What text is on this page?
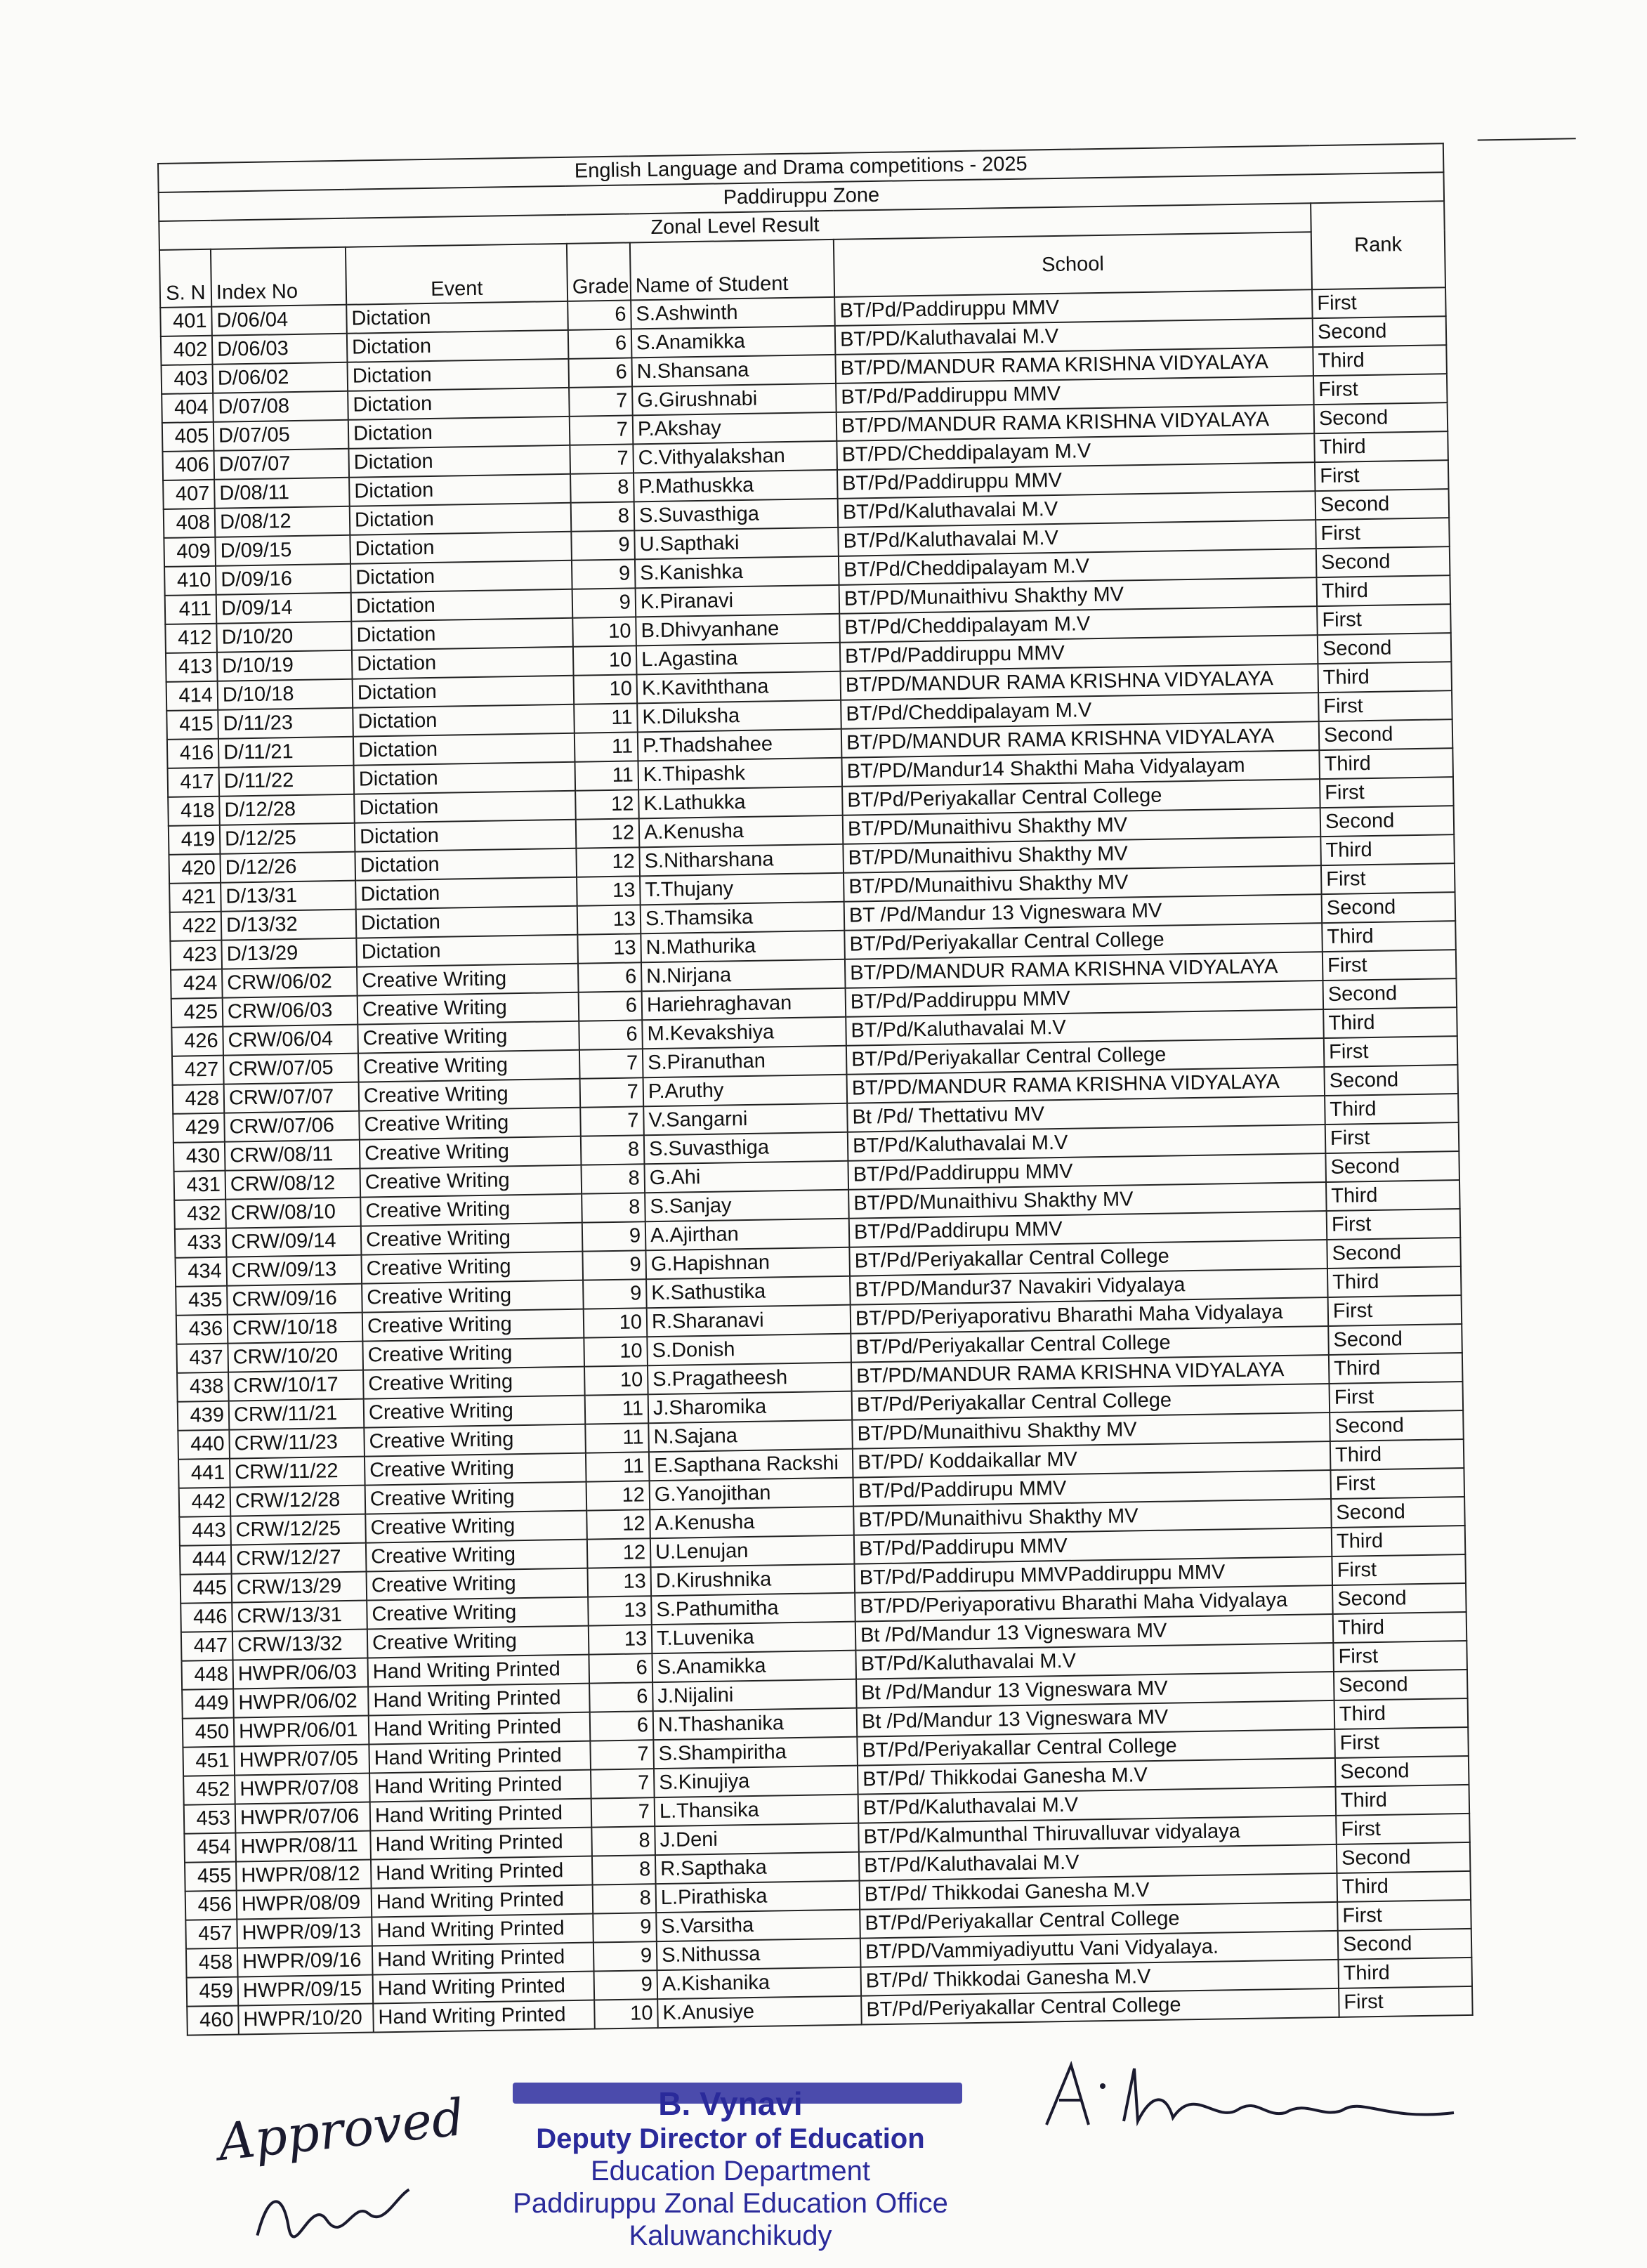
English Language and Drama competitions - 2025						
Paddiruppu Zone						
Zonal Level Result						Rank
S. N	Index No	Event	Grade	Name of Student	School	
401	D/06/04	Dictation	6	S.Ashwinth	BT/Pd/Paddiruppu MMV	First
402	D/06/03	Dictation	6	S.Anamikka	BT/PD/Kaluthavalai M.V	Second
403	D/06/02	Dictation	6	N.Shansana	BT/PD/MANDUR RAMA KRISHNA VIDYALAYA	Third
404	D/07/08	Dictation	7	G.Girushnabi	BT/Pd/Paddiruppu MMV	First
405	D/07/05	Dictation	7	P.Akshay	BT/PD/MANDUR RAMA KRISHNA VIDYALAYA	Second
406	D/07/07	Dictation	7	C.Vithyalakshan	BT/PD/Cheddipalayam M.V	Third
407	D/08/11	Dictation	8	P.Mathuskka	BT/Pd/Paddiruppu MMV	First
408	D/08/12	Dictation	8	S.Suvasthiga	BT/Pd/Kaluthavalai M.V	Second
409	D/09/15	Dictation	9	U.Sapthaki	BT/Pd/Kaluthavalai M.V	First
410	D/09/16	Dictation	9	S.Kanishka	BT/Pd/Cheddipalayam M.V	Second
411	D/09/14	Dictation	9	K.Piranavi	BT/PD/Munaithivu Shakthy MV	Third
412	D/10/20	Dictation	10	B.Dhivyanhane	BT/Pd/Cheddipalayam M.V	First
413	D/10/19	Dictation	10	L.Agastina	BT/Pd/Paddiruppu MMV	Second
414	D/10/18	Dictation	10	K.Kaviththana	BT/PD/MANDUR RAMA KRISHNA VIDYALAYA	Third
415	D/11/23	Dictation	11	K.Diluksha	BT/Pd/Cheddipalayam M.V	First
416	D/11/21	Dictation	11	P.Thadshahee	BT/PD/MANDUR RAMA KRISHNA VIDYALAYA	Second
417	D/11/22	Dictation	11	K.Thipashk	BT/PD/Mandur14 Shakthi Maha Vidyalayam	Third
418	D/12/28	Dictation	12	K.Lathukka	BT/Pd/Periyakallar Central College	First
419	D/12/25	Dictation	12	A.Kenusha	BT/PD/Munaithivu Shakthy MV	Second
420	D/12/26	Dictation	12	S.Nitharshana	BT/PD/Munaithivu Shakthy MV	Third
421	D/13/31	Dictation	13	T.Thujany	BT/PD/Munaithivu Shakthy MV	First
422	D/13/32	Dictation	13	S.Thamsika	BT /Pd/Mandur 13 Vigneswara MV	Second
423	D/13/29	Dictation	13	N.Mathurika	BT/Pd/Periyakallar Central College	Third
424	CRW/06/02	Creative Writing	6	N.Nirjana	BT/PD/MANDUR RAMA KRISHNA VIDYALAYA	First
425	CRW/06/03	Creative Writing	6	Hariehraghavan	BT/Pd/Paddiruppu MMV	Second
426	CRW/06/04	Creative Writing	6	M.Kevakshiya	BT/Pd/Kaluthavalai M.V	Third
427	CRW/07/05	Creative Writing	7	S.Piranuthan	BT/Pd/Periyakallar Central College	First
428	CRW/07/07	Creative Writing	7	P.Aruthy	BT/PD/MANDUR RAMA KRISHNA VIDYALAYA	Second
429	CRW/07/06	Creative Writing	7	V.Sangarni	Bt /Pd/ Thettativu MV	Third
430	CRW/08/11	Creative Writing	8	S.Suvasthiga	BT/Pd/Kaluthavalai M.V	First
431	CRW/08/12	Creative Writing	8	G.Ahi	BT/Pd/Paddiruppu MMV	Second
432	CRW/08/10	Creative Writing	8	S.Sanjay	BT/PD/Munaithivu Shakthy MV	Third
433	CRW/09/14	Creative Writing	9	A.Ajirthan	BT/Pd/Paddirupu MMV	First
434	CRW/09/13	Creative Writing	9	G.Hapishnan	BT/Pd/Periyakallar Central College	Second
435	CRW/09/16	Creative Writing	9	K.Sathustika	BT/PD/Mandur37 Navakiri Vidyalaya	Third
436	CRW/10/18	Creative Writing	10	R.Sharanavi	BT/PD/Periyaporativu Bharathi Maha Vidyalaya	First
437	CRW/10/20	Creative Writing	10	S.Donish	BT/Pd/Periyakallar Central College	Second
438	CRW/10/17	Creative Writing	10	S.Pragatheesh	BT/PD/MANDUR RAMA KRISHNA VIDYALAYA	Third
439	CRW/11/21	Creative Writing	11	J.Sharomika	BT/Pd/Periyakallar Central College	First
440	CRW/11/23	Creative Writing	11	N.Sajana	BT/PD/Munaithivu Shakthy MV	Second
441	CRW/11/22	Creative Writing	11	E.Sapthana Rackshi	BT/PD/ Koddaikallar MV	Third
442	CRW/12/28	Creative Writing	12	G.Yanojithan	BT/Pd/Paddirupu MMV	First
443	CRW/12/25	Creative Writing	12	A.Kenusha	BT/PD/Munaithivu Shakthy MV	Second
444	CRW/12/27	Creative Writing	12	U.Lenujan	BT/Pd/Paddirupu MMV	Third
445	CRW/13/29	Creative Writing	13	D.Kirushnika	BT/Pd/Paddirupu MMVPaddiruppu MMV	First
446	CRW/13/31	Creative Writing	13	S.Pathumitha	BT/PD/Periyaporativu Bharathi Maha Vidyalaya	Second
447	CRW/13/32	Creative Writing	13	T.Luvenika	Bt /Pd/Mandur 13 Vigneswara MV	Third
448	HWPR/06/03	Hand Writing Printed	6	S.Anamikka	BT/Pd/Kaluthavalai M.V	First
449	HWPR/06/02	Hand Writing Printed	6	J.Nijalini	Bt /Pd/Mandur 13 Vigneswara MV	Second
450	HWPR/06/01	Hand Writing Printed	6	N.Thashanika	Bt /Pd/Mandur 13 Vigneswara MV	Third
451	HWPR/07/05	Hand Writing Printed	7	S.Shampiritha	BT/Pd/Periyakallar Central College	First
452	HWPR/07/08	Hand Writing Printed	7	S.Kinujiya	BT/Pd/ Thikkodai Ganesha M.V	Second
453	HWPR/07/06	Hand Writing Printed	7	L.Thansika	BT/Pd/Kaluthavalai M.V	Third
454	HWPR/08/11	Hand Writing Printed	8	J.Deni	BT/Pd/Kalmunthal Thiruvalluvar vidyalaya	First
455	HWPR/08/12	Hand Writing Printed	8	R.Sapthaka	BT/Pd/Kaluthavalai M.V	Second
456	HWPR/08/09	Hand Writing Printed	8	L.Pirathiska	BT/Pd/ Thikkodai Ganesha M.V	Third
457	HWPR/09/13	Hand Writing Printed	9	S.Varsitha	BT/Pd/Periyakallar Central College	First
458	HWPR/09/16	Hand Writing Printed	9	S.Nithussa	BT/PD/Vammiyadiyuttu Vani Vidyalaya.	Second
459	HWPR/09/15	Hand Writing Printed	9	A.Kishanika	BT/Pd/ Thikkodai Ganesha M.V	Third
460	HWPR/10/20	Hand Writing Printed	10	K.Anusiye	BT/Pd/Periyakallar Central College	First
Approved	B. Vynavi
Deputy Director of Education
Education Department
Paddiruppu Zonal Education Office
Kaluwanchikudy
